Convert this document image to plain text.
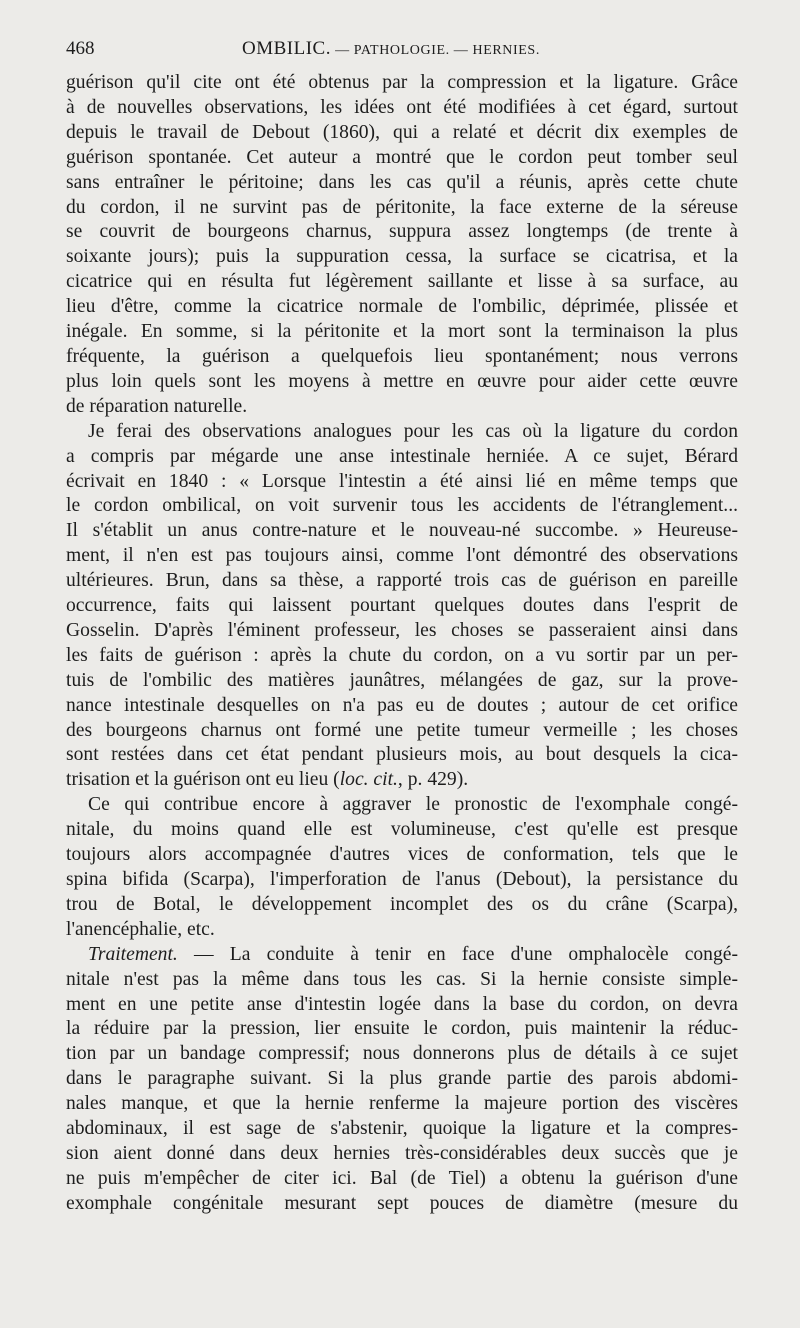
468	OMBILIC. — PATHOLOGIE. — HERNIES.

guérison qu'il cite ont été obtenus par la compression et la ligature. Grâce
à de nouvelles observations, les idées ont été modifiées à cet égard, surtout
depuis le travail de Debout (1860), qui a relaté et décrit dix exemples de
guérison spontanée. Cet auteur a montré que le cordon peut tomber seul
sans entraîner le péritoine; dans les cas qu'il a réunis, après cette chute
du cordon, il ne survint pas de péritonite, la face externe de la séreuse
se couvrit de bourgeons charnus, suppura assez longtemps (de trente à
soixante jours); puis la suppuration cessa, la surface se cicatrisa, et la
cicatrice qui en résulta fut légèrement saillante et lisse à sa surface, au
lieu d'être, comme la cicatrice normale de l'ombilic, déprimée, plissée et
inégale. En somme, si la péritonite et la mort sont la terminaison la plus
fréquente, la guérison a quelquefois lieu spontanément; nous verrons
plus loin quels sont les moyens à mettre en œuvre pour aider cette œuvre
de réparation naturelle.

Je ferai des observations analogues pour les cas où la ligature du cordon
a compris par mégarde une anse intestinale herniée. A ce sujet, Bérard
écrivait en 1840 : « Lorsque l'intestin a été ainsi lié en même temps que
le cordon ombilical, on voit survenir tous les accidents de l'étranglement...
Il s'établit un anus contre-nature et le nouveau-né succombe. » Heureuse-
ment, il n'en est pas toujours ainsi, comme l'ont démontré des observations
ultérieures. Brun, dans sa thèse, a rapporté trois cas de guérison en pareille
occurrence, faits qui laissent pourtant quelques doutes dans l'esprit de
Gosselin. D'après l'éminent professeur, les choses se passeraient ainsi dans
les faits de guérison : après la chute du cordon, on a vu sortir par un per-
tuis de l'ombilic des matières jaunâtres, mélangées de gaz, sur la prove-
nance intestinale desquelles on n'a pas eu de doutes ; autour de cet orifice
des bourgeons charnus ont formé une petite tumeur vermeille ; les choses
sont restées dans cet état pendant plusieurs mois, au bout desquels la cica-
trisation et la guérison ont eu lieu (loc. cit., p. 429).

Ce qui contribue encore à aggraver le pronostic de l'exomphale congé-
nitale, du moins quand elle est volumineuse, c'est qu'elle est presque
toujours alors accompagnée d'autres vices de conformation, tels que le
spina bifida (Scarpa), l'imperforation de l'anus (Debout), la persistance du
trou de Botal, le développement incomplet des os du crâne (Scarpa),
l'anencéphalie, etc.

Traitement. — La conduite à tenir en face d'une omphalocèle congé-
nitale n'est pas la même dans tous les cas. Si la hernie consiste simple-
ment en une petite anse d'intestin logée dans la base du cordon, on devra
la réduire par la pression, lier ensuite le cordon, puis maintenir la réduc-
tion par un bandage compressif; nous donnerons plus de détails à ce sujet
dans le paragraphe suivant. Si la plus grande partie des parois abdomi-
nales manque, et que la hernie renferme la majeure portion des viscères
abdominaux, il est sage de s'abstenir, quoique la ligature et la compres-
sion aient donné dans deux hernies très-considérables deux succès que je
ne puis m'empêcher de citer ici. Bal (de Tiel) a obtenu la guérison d'une
exomphale congénitale mesurant sept pouces de diamètre (mesure du
